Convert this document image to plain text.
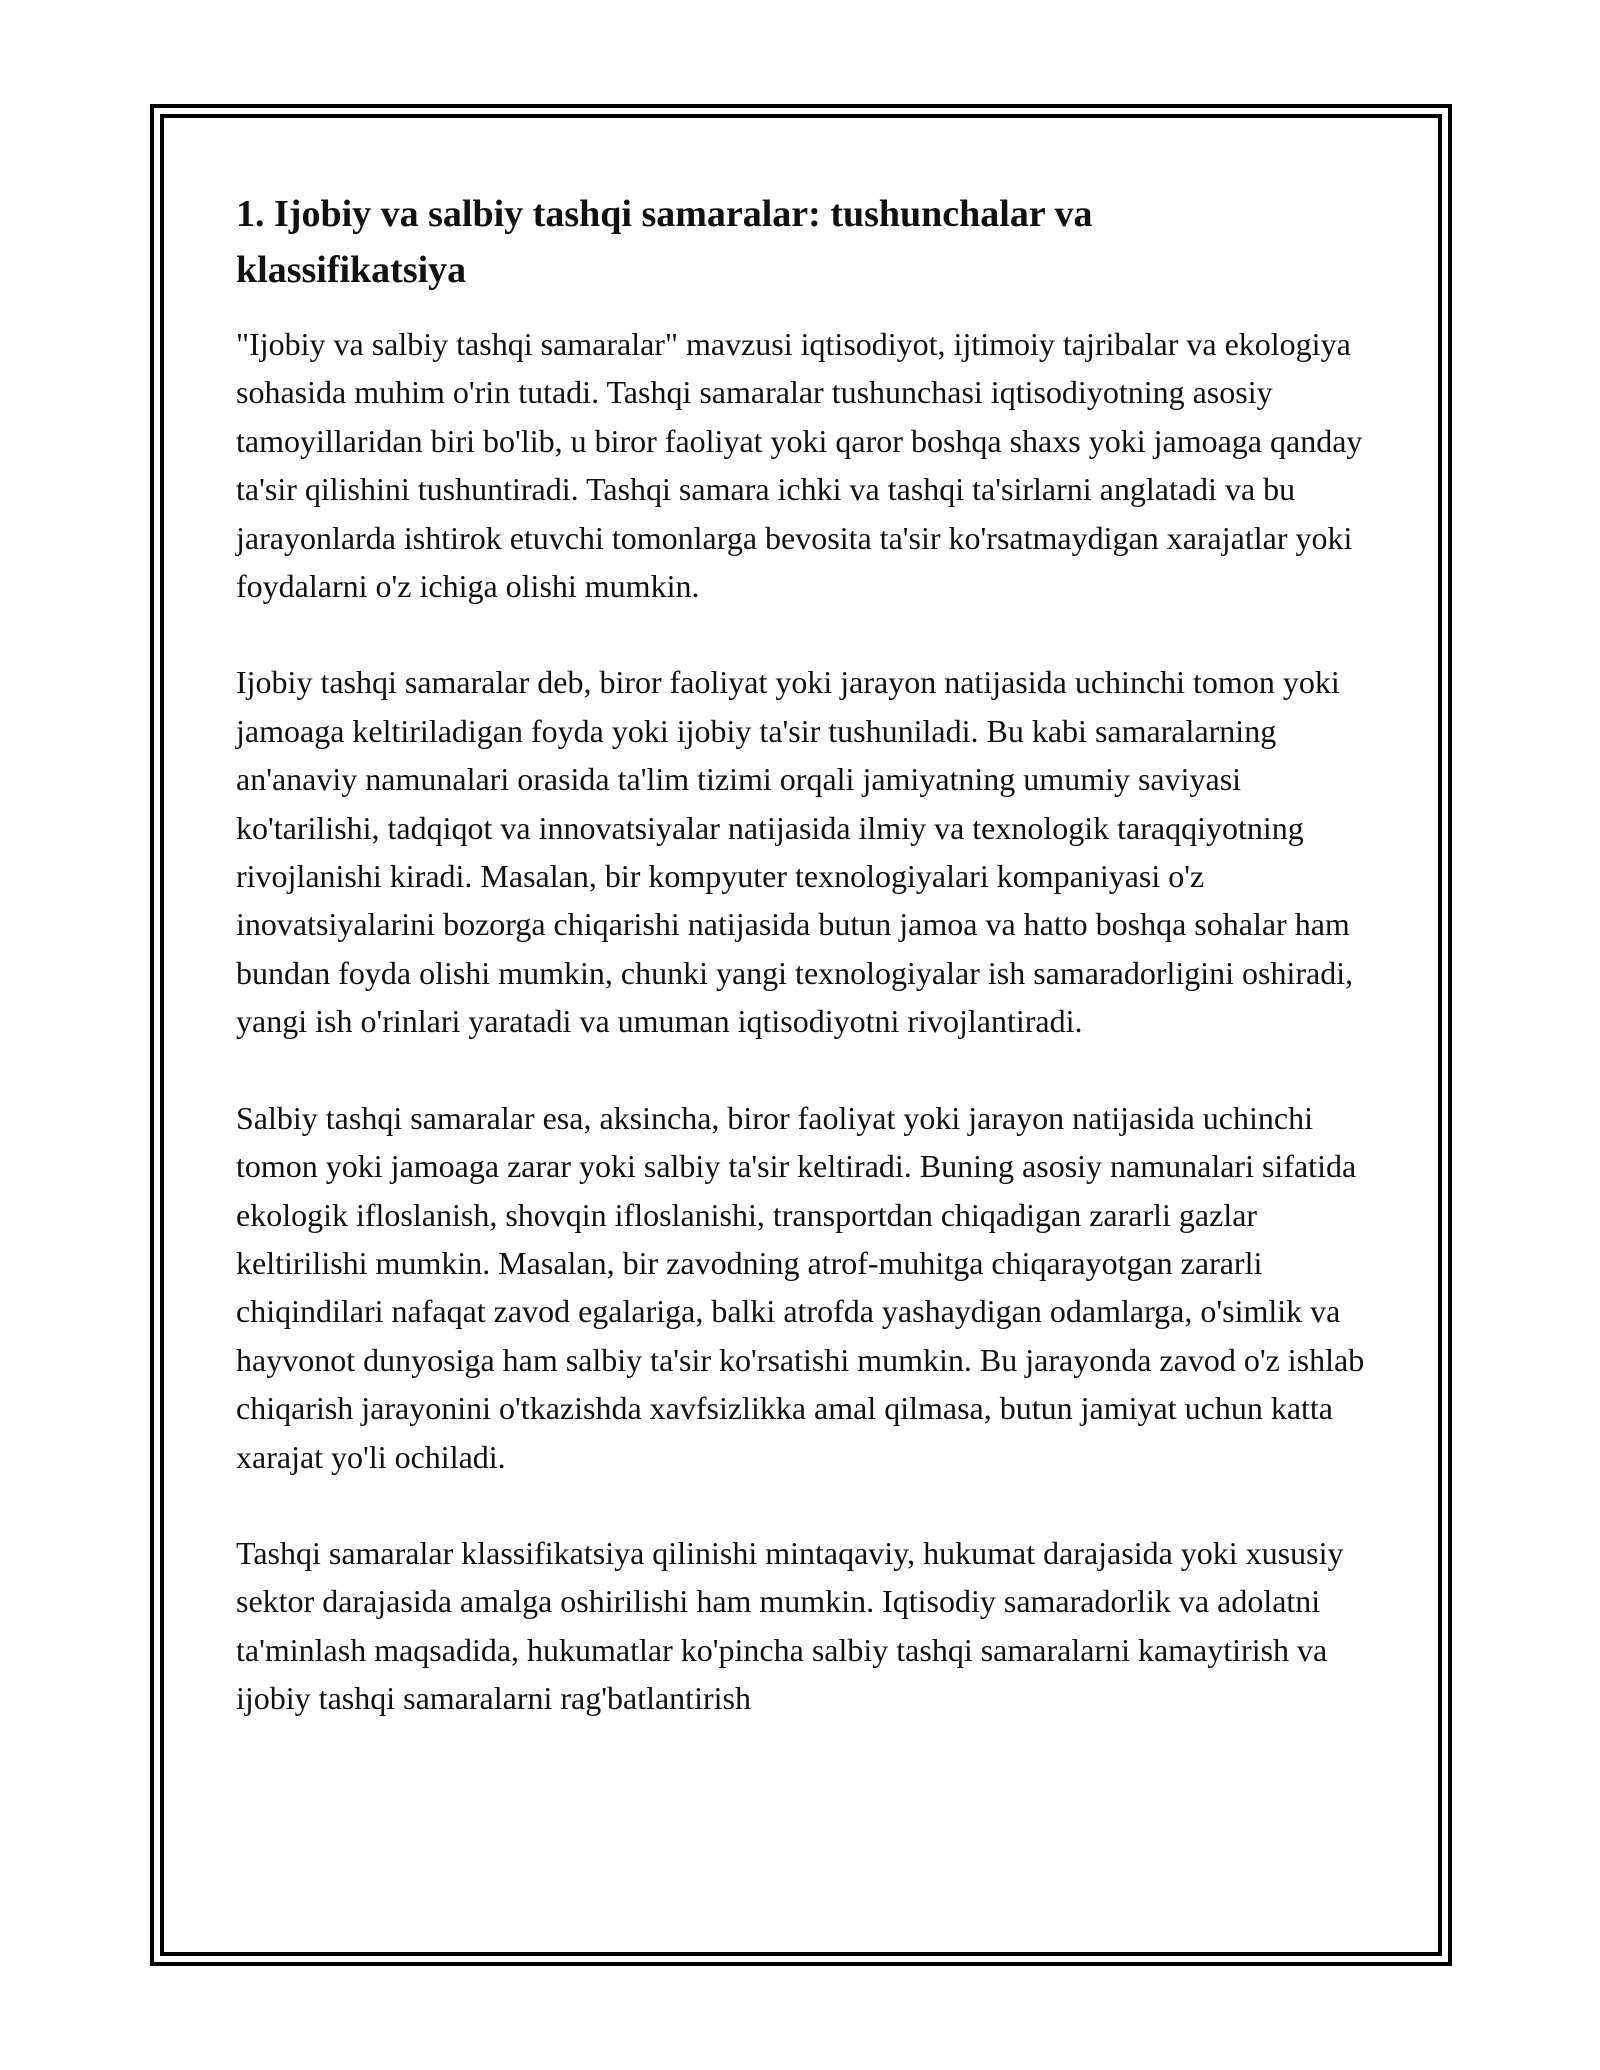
1. Ijobiy va salbiy tashqi samaralar: tushunchalar va klassifikatsiya

"Ijobiy va salbiy tashqi samaralar" mavzusi iqtisodiyot, ijtimoiy tajribalar va ekologiya sohasida muhim o'rin tutadi. Tashqi samaralar tushunchasi iqtisodiyotning asosiy tamoyillaridan biri bo'lib, u biror faoliyat yoki qaror boshqa shaxs yoki jamoaga qanday ta'sir qilishini tushuntiradi. Tashqi samara ichki va tashqi ta'sirlarni anglatadi va bu jarayonlarda ishtirok etuvchi tomonlarga bevosita ta'sir ko'rsatmaydigan xarajatlar yoki foydalarni o'z ichiga olishi mumkin.

Ijobiy tashqi samaralar deb, biror faoliyat yoki jarayon natijasida uchinchi tomon yoki jamoaga keltiriladigan foyda yoki ijobiy ta'sir tushuniladi. Bu kabi samaralarning an'anaviy namunalari orasida ta'lim tizimi orqali jamiyatning umumiy saviyasi ko'tarilishi, tadqiqot va innovatsiyalar natijasida ilmiy va texnologik taraqqiyotning rivojlanishi kiradi. Masalan, bir kompyuter texnologiyalari kompaniyasi o'z inovatsiyalarini bozorga chiqarishi natijasida butun jamoa va hatto boshqa sohalar ham bundan foyda olishi mumkin, chunki yangi texnologiyalar ish samaradorligini oshiradi, yangi ish o'rinlari yaratadi va umuman iqtisodiyotni rivojlantiradi.

Salbiy tashqi samaralar esa, aksincha, biror faoliyat yoki jarayon natijasida uchinchi tomon yoki jamoaga zarar yoki salbiy ta'sir keltiradi. Buning asosiy namunalari sifatida ekologik ifloslanish, shovqin ifloslanishi, transportdan chiqadigan zararli gazlar keltirilishi mumkin. Masalan, bir zavodning atrof-muhitga chiqarayotgan zararli chiqindilari nafaqat zavod egalariga, balki atrofda yashaydigan odamlarga, o'simlik va hayvonot dunyosiga ham salbiy ta'sir ko'rsatishi mumkin. Bu jarayonda zavod o'z ishlab chiqarish jarayonini o'tkazishda xavfsizlikka amal qilmasa, butun jamiyat uchun katta xarajat yo'li ochiladi.

Tashqi samaralar klassifikatsiya qilinishi mintaqaviy, hukumat darajasida yoki xususiy sektor darajasida amalga oshirilishi ham mumkin. Iqtisodiy samaradorlik va adolatni ta'minlash maqsadida, hukumatlar ko'pincha salbiy tashqi samaralarni kamaytirish va ijobiy tashqi samaralarni rag'batlantirish
